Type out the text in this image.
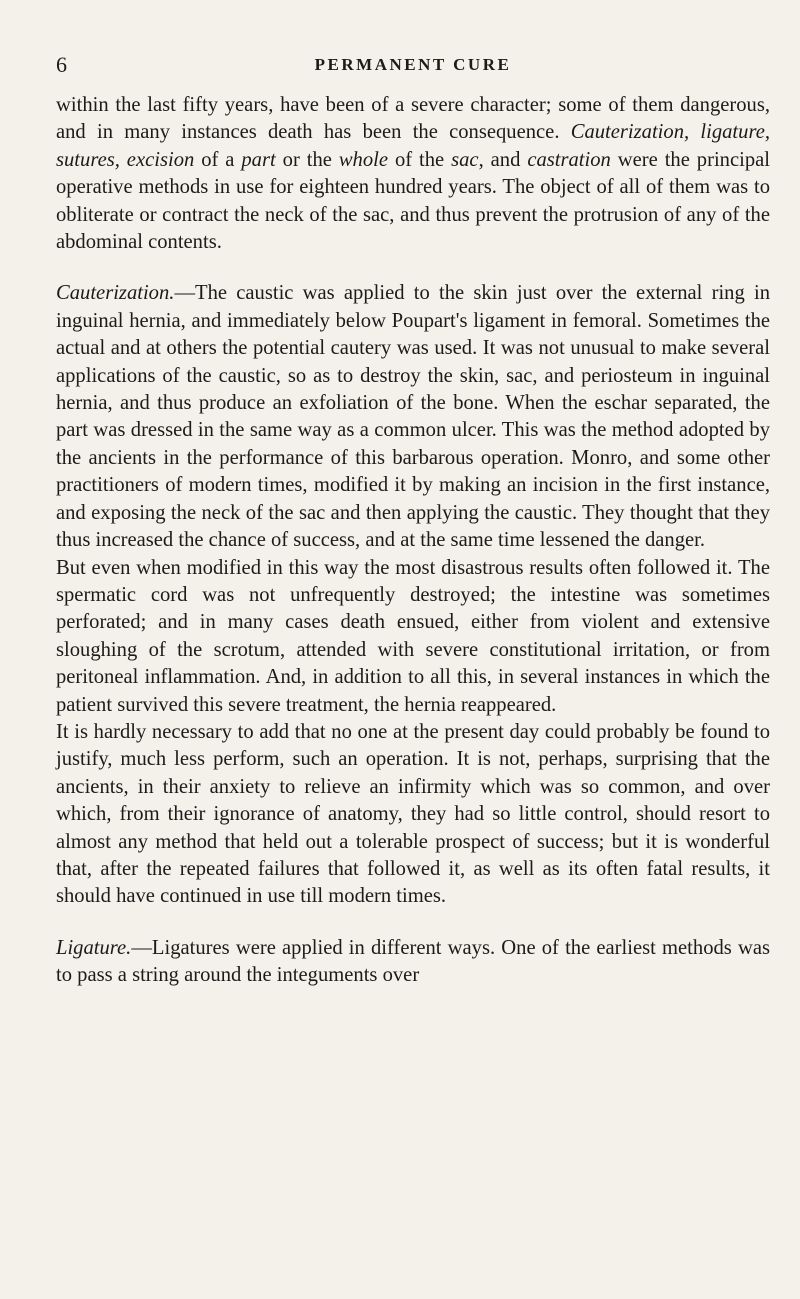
6	PERMANENT CURE

within the last fifty years, have been of a severe character; some of them dangerous, and in many instances death has been the consequence. Cauterization, ligature, sutures, excision of a part or the whole of the sac, and castration were the principal operative methods in use for eighteen hundred years. The object of all of them was to obliterate or contract the neck of the sac, and thus prevent the protrusion of any of the abdominal contents.

Cauterization.—The caustic was applied to the skin just over the external ring in inguinal hernia, and immediately below Poupart's ligament in femoral. Sometimes the actual and at others the potential cautery was used. It was not unusual to make several applications of the caustic, so as to destroy the skin, sac, and periosteum in inguinal hernia, and thus produce an exfoliation of the bone. When the eschar separated, the part was dressed in the same way as a common ulcer. This was the method adopted by the ancients in the performance of this barbarous operation. Monro, and some other practitioners of modern times, modified it by making an incision in the first instance, and exposing the neck of the sac and then applying the caustic. They thought that they thus increased the chance of success, and at the same time lessened the danger.

But even when modified in this way the most disastrous results often followed it. The spermatic cord was not unfrequently destroyed; the intestine was sometimes perforated; and in many cases death ensued, either from violent and extensive sloughing of the scrotum, attended with severe constitutional irritation, or from peritoneal inflammation. And, in addition to all this, in several instances in which the patient survived this severe treatment, the hernia reappeared.

It is hardly necessary to add that no one at the present day could probably be found to justify, much less perform, such an operation. It is not, perhaps, surprising that the ancients, in their anxiety to relieve an infirmity which was so common, and over which, from their ignorance of anatomy, they had so little control, should resort to almost any method that held out a tolerable prospect of success; but it is wonderful that, after the repeated failures that followed it, as well as its often fatal results, it should have continued in use till modern times.

Ligature.—Ligatures were applied in different ways. One of the earliest methods was to pass a string around the integuments over
